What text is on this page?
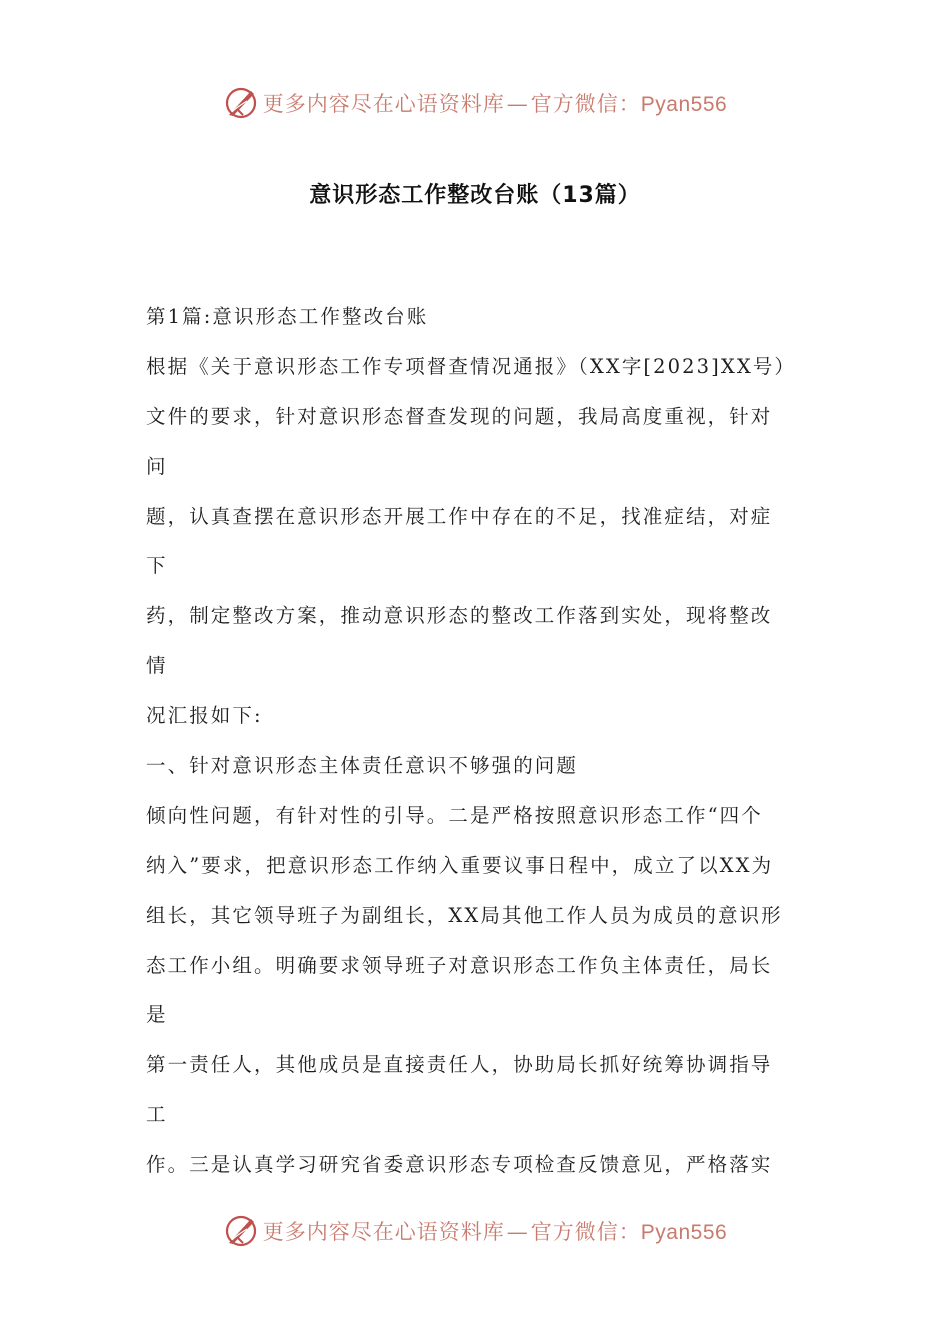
更多内容尽在心语资料库—官方微信：Pyan556
意识形态工作整改台账（13篇）
第1篇:意识形态工作整改台账
根据《关于意识形态工作专项督查情况通报》（XX字[2023]XX号）
文件的要求，针对意识形态督查发现的问题，我局高度重视，针对
问
题，认真查摆在意识形态开展工作中存在的不足，找准症结，对症
下
药，制定整改方案，推动意识形态的整改工作落到实处，现将整改
情
况汇报如下:
一、针对意识形态主体责任意识不够强的问题
倾向性问题，有针对性的引导。二是严格按照意识形态工作“四个
纳入”要求，把意识形态工作纳入重要议事日程中，成立了以XX为
组长，其它领导班子为副组长，XX局其他工作人员为成员的意识形
态工作小组。明确要求领导班子对意识形态工作负主体责任，局长
是
第一责任人，其他成员是直接责任人，协助局长抓好统筹协调指导
工
作。三是认真学习研究省委意识形态专项检查反馈意见，严格落实
更多内容尽在心语资料库—官方微信：Pyan556
